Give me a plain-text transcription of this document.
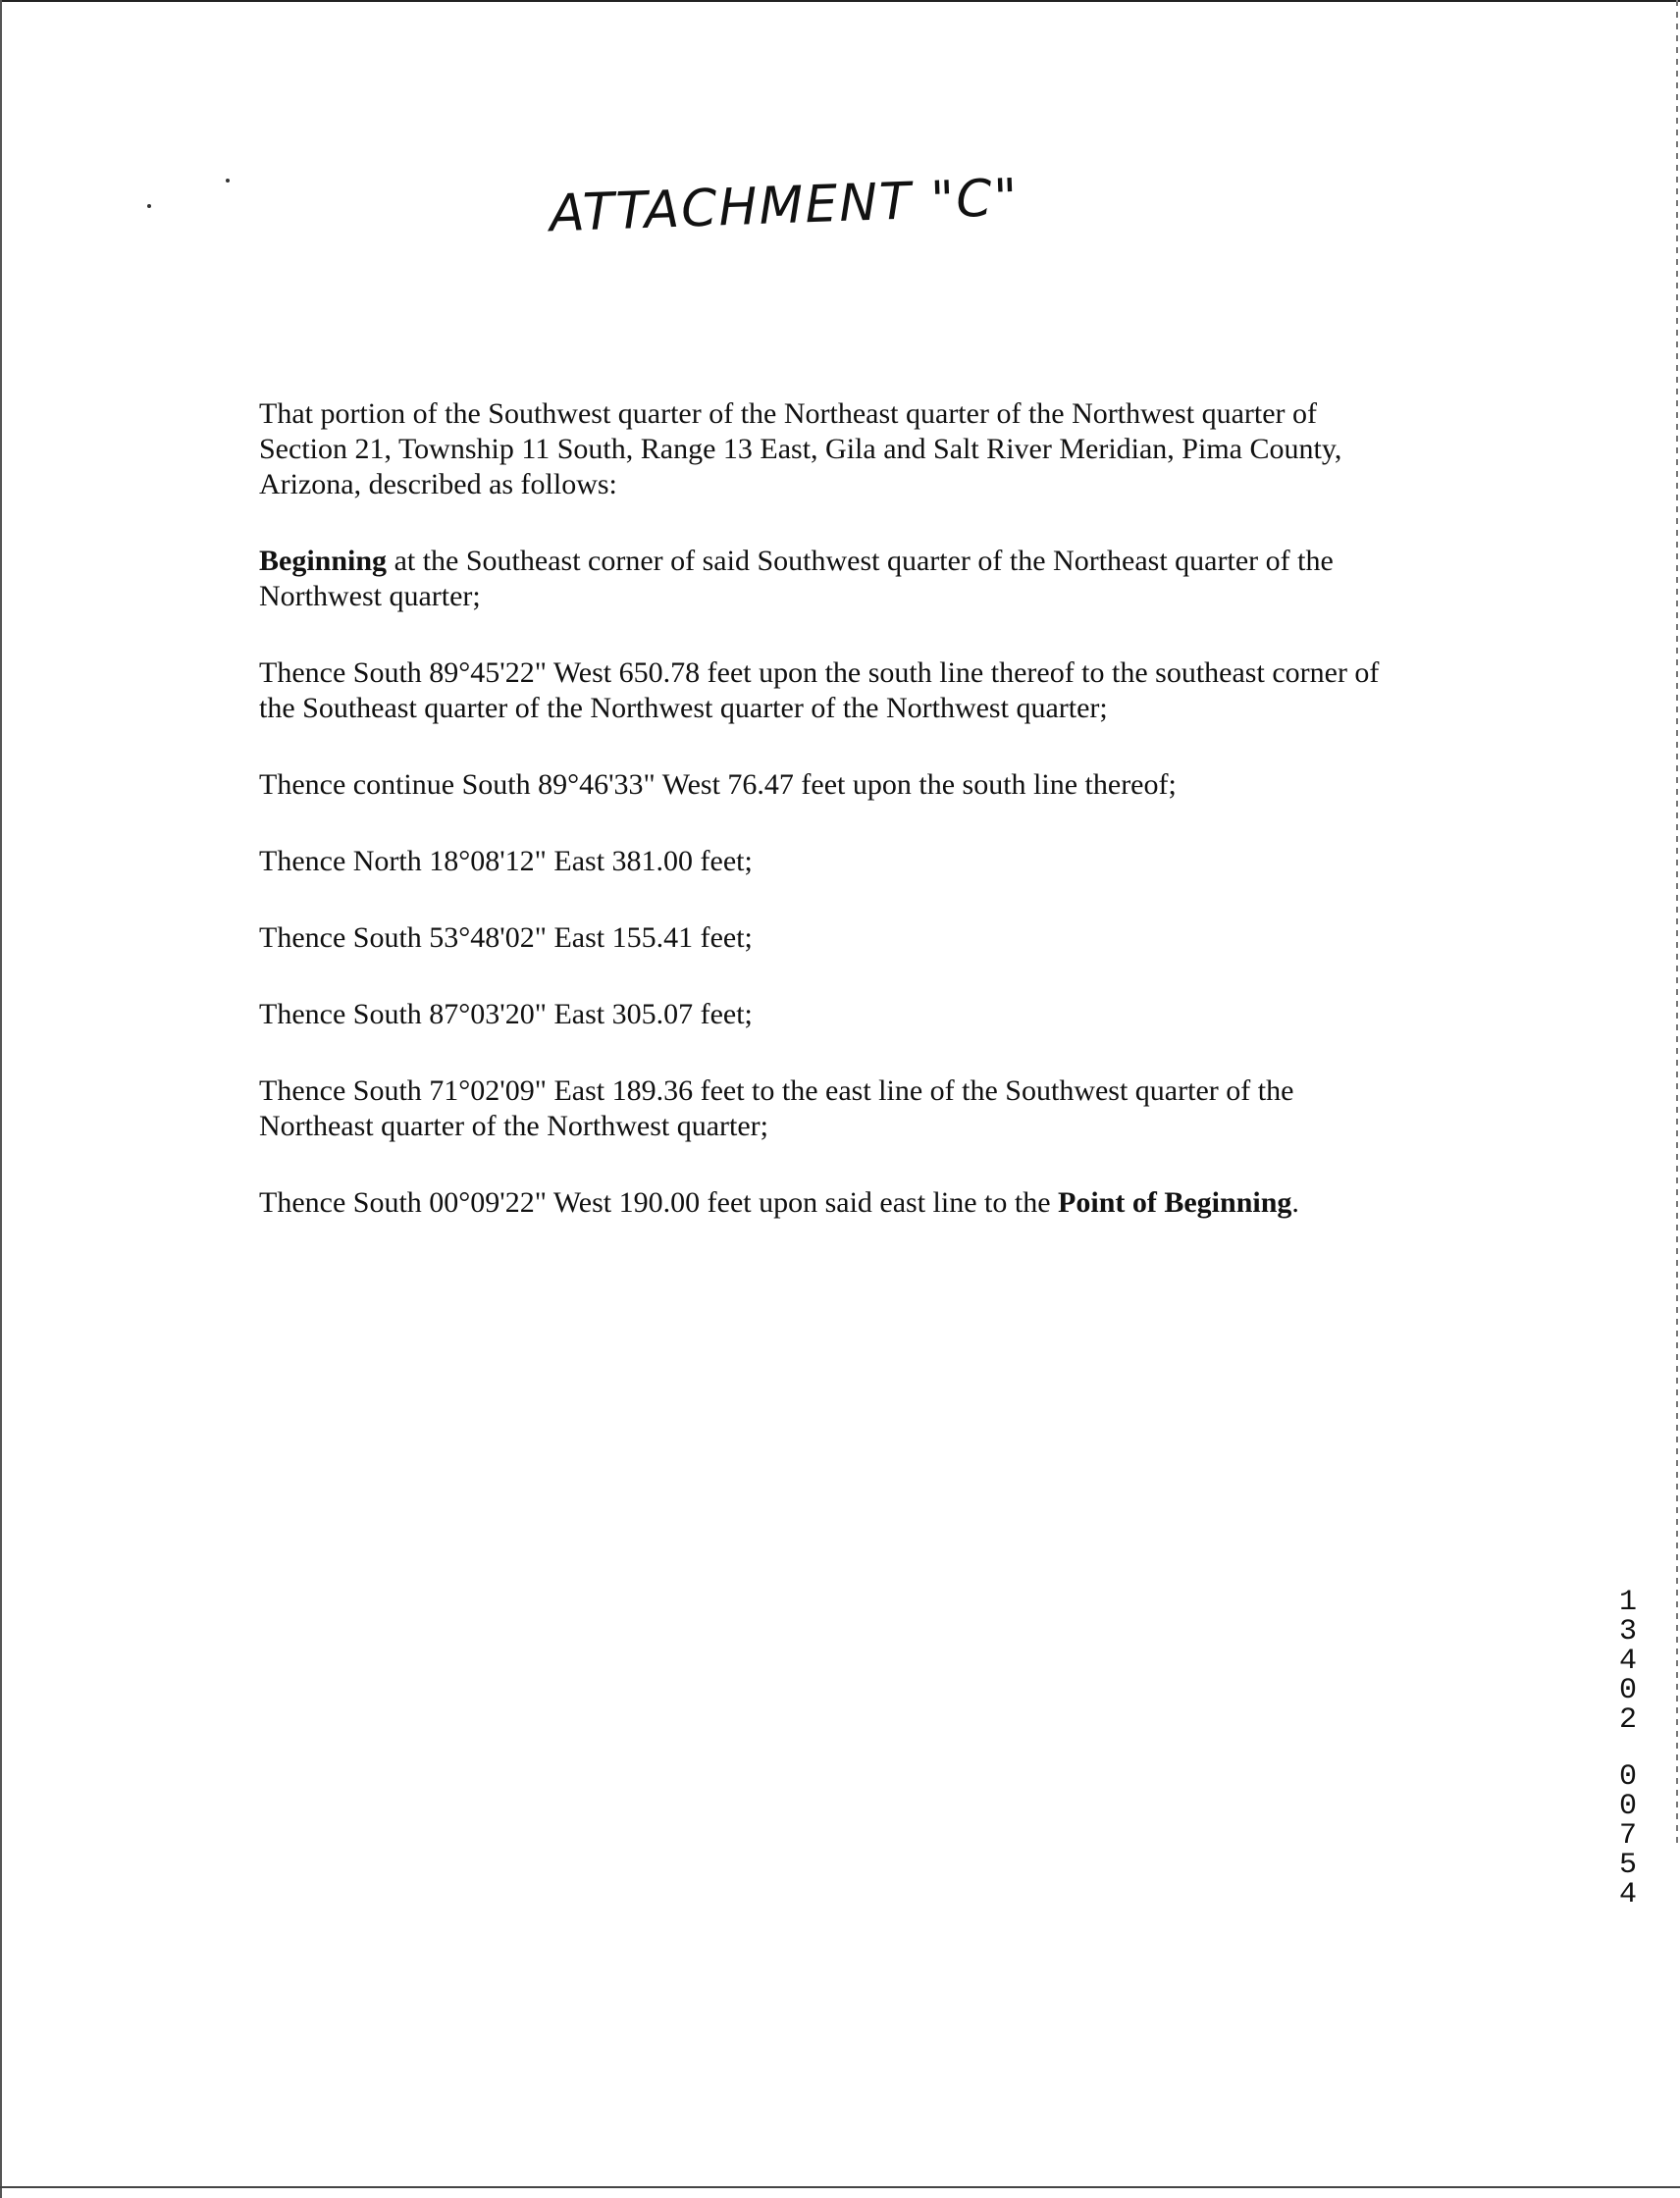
ATTACHMENT "C"

That portion of the Southwest quarter of the Northeast quarter of the Northwest quarter of Section 21, Township 11 South, Range 13 East, Gila and Salt River Meridian, Pima County, Arizona, described as follows:

Beginning at the Southeast corner of said Southwest quarter of the Northeast quarter of the Northwest quarter;

Thence South 89°45'22" West 650.78 feet upon the south line thereof to the southeast corner of the Southeast quarter of the Northwest quarter of the Northwest quarter;

Thence continue South 89°46'33" West 76.47 feet upon the south line thereof;

Thence North 18°08'12" East 381.00 feet;

Thence South 53°48'02" East 155.41 feet;

Thence South 87°03'20" East 305.07 feet;

Thence South 71°02'09" East 189.36 feet to the east line of the Southwest quarter of the Northeast quarter of the Northwest quarter;

Thence South 00°09'22" West 190.00 feet upon said east line to the Point of Beginning.

1
3
4
0
2
0
0
7
5
4
